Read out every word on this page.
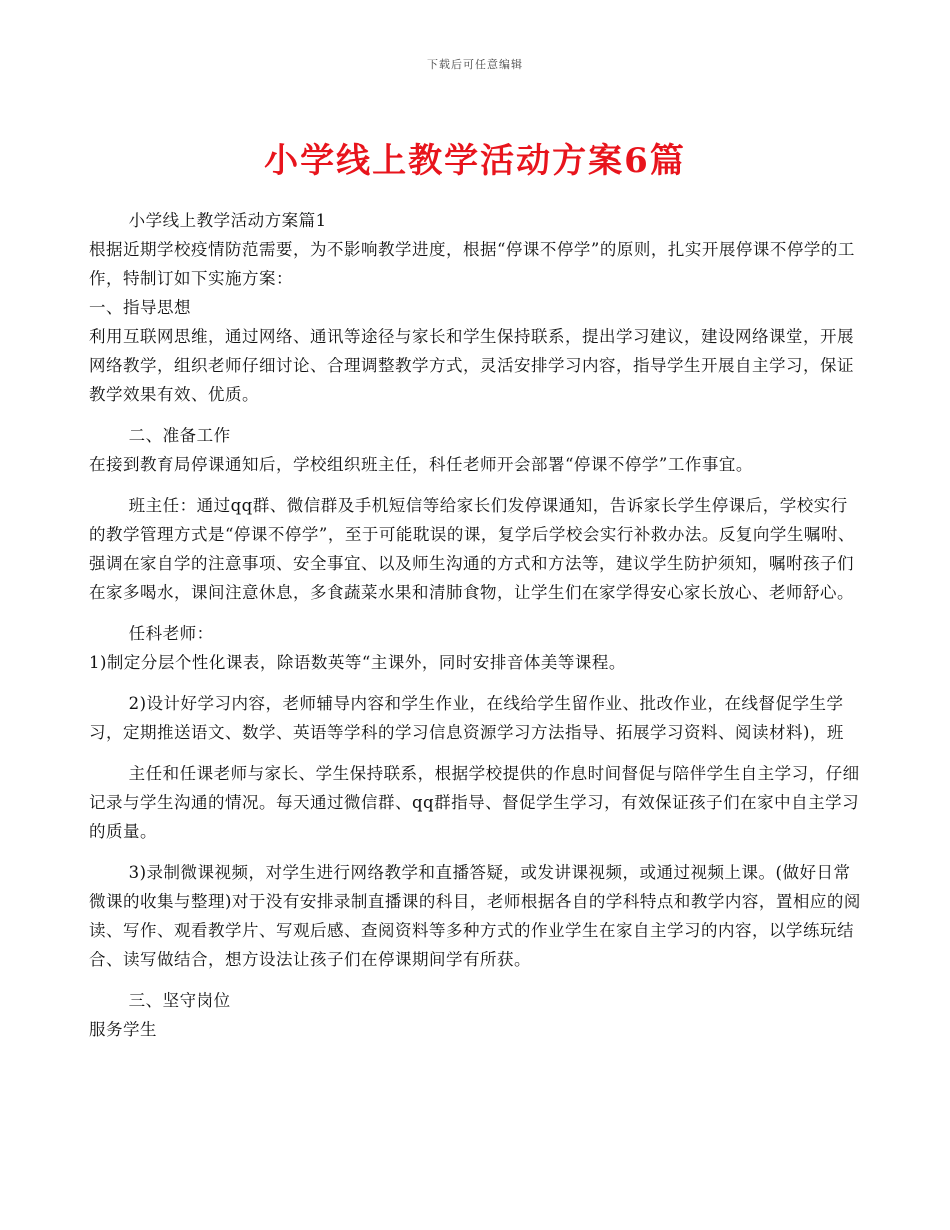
下载后可任意编辑
小学线上教学活动方案6篇

小学线上教学活动方案篇1

根据近期学校疫情防范需要，为不影响教学进度，根据“停课不停学”的原则，扎实开展停课不停学的工作，特制订如下实施方案：

一、指导思想

利用互联网思维，通过网络、通讯等途径与家长和学生保持联系，提出学习建议，建设网络课堂，开展网络教学，组织老师仔细讨论、合理调整教学方式，灵活安排学习内容，指导学生开展自主学习，保证教学效果有效、优质。

二、准备工作

在接到教育局停课通知后，学校组织班主任，科任老师开会部署“停课不停学”工作事宜。

班主任：通过qq群、微信群及手机短信等给家长们发停课通知，告诉家长学生停课后，学校实行的教学管理方式是“停课不停学”，至于可能耽误的课，复学后学校会实行补救办法。反复向学生嘱咐、强调在家自学的注意事项、安全事宜、以及师生沟通的方式和方法等，建议学生防护须知，嘱咐孩子们在家多喝水，课间注意休息，多食蔬菜水果和清肺食物，让学生们在家学得安心家长放心、老师舒心。

任科老师：

1)制定分层个性化课表，除语数英等“主课外，同时安排音体美等课程。

2)设计好学习内容，老师辅导内容和学生作业，在线给学生留作业、批改作业，在线督促学生学习，定期推送语文、数学、英语等学科的学习信息资源学习方法指导、拓展学习资料、阅读材料)，班

主任和任课老师与家长、学生保持联系，根据学校提供的作息时间督促与陪伴学生自主学习，仔细记录与学生沟通的情况。每天通过微信群、qq群指导、督促学生学习，有效保证孩子们在家中自主学习的质量。

3)录制微课视频，对学生进行网络教学和直播答疑，或发讲课视频，或通过视频上课。(做好日常微课的收集与整理)对于没有安排录制直播课的科目，老师根据各自的学科特点和教学内容，置相应的阅读、写作、观看教学片、写观后感、查阅资料等多种方式的作业学生在家自主学习的内容，以学练玩结合、读写做结合，想方设法让孩子们在停课期间学有所获。

三、坚守岗位

服务学生
